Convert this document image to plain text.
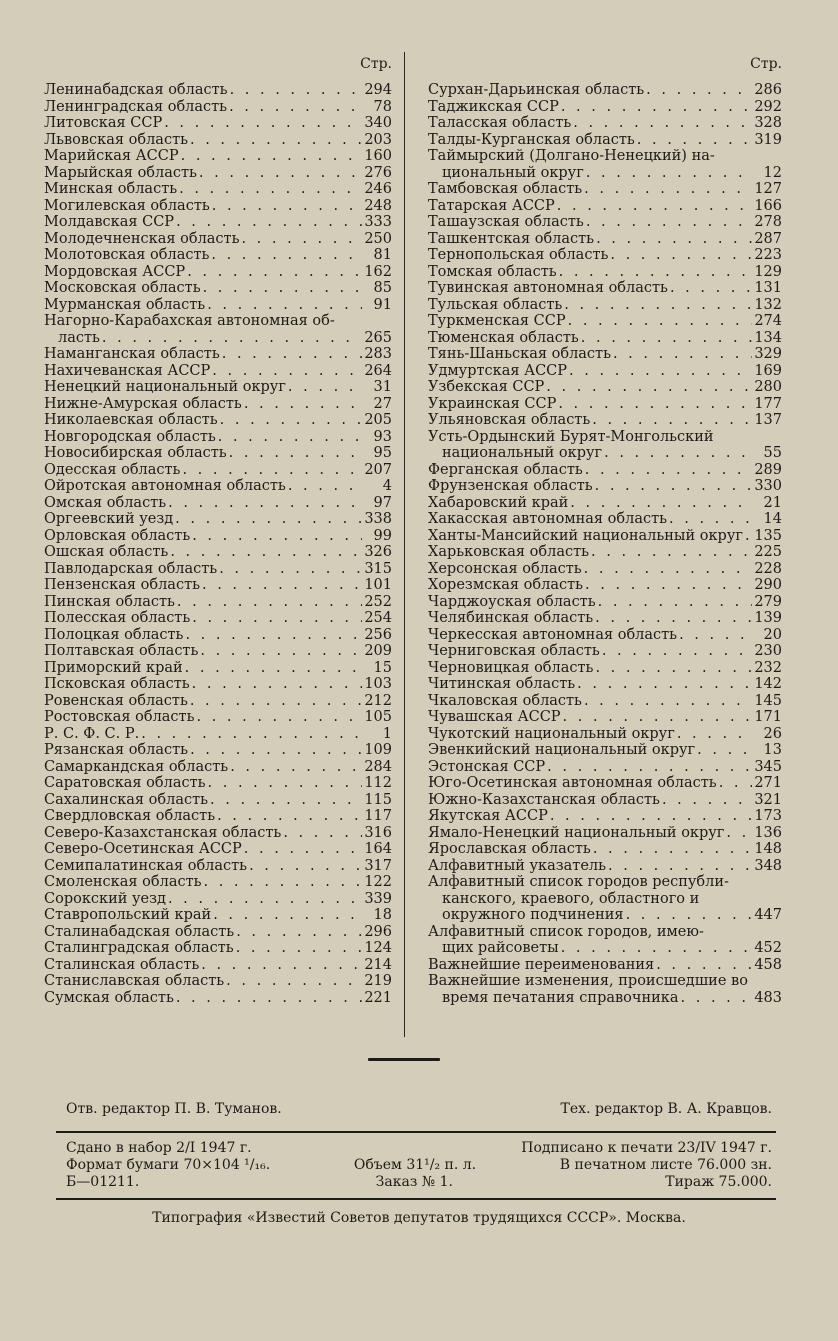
Стр.
Ленинабадская область . . .	294
Ленинградская область . . .	78
Литовская ССР . . .	340
Львовская область . . .	203
Марийская АССР . . .	160
Марыйская область . . .	276
Минская область . . .	246
Могилевская область . . .	248
Молдавская ССР . . .	333
Молодечненская область . . .	250
Молотовская область . . .	81
Мордовская АССР . . .	162
Московская область . . .	85
Мурманская область . . .	91
Нагорно-Карабахская автономная об-
ласть . . .	265
Наманганская область . . .	283
Нахичеванская АССР . . .	264
Ненецкий национальный округ . . .	31
Нижне-Амурская область . . .	27
Николаевская область . . .	205
Новгородская область . . .	93
Новосибирская область . . .	95
Одесская область . . .	207
Ойротская автономная область . . .	4
Омская область . . .	97
Оргеевский уезд . . .	338
Орловская область . . .	99
Ошская область . . .	326
Павлодарская область . . .	315
Пензенская область . . .	101
Пинская область . . .	252
Полесская область . . .	254
Полоцкая область . . .	256
Полтавская область . . .	209
Приморский край . . .	15
Псковская область . . .	103
Ровенская область . . .	212
Ростовская область . . .	105
Р. С. Ф. С. Р. . . .	1
Рязанская область . . .	109
Самаркандская область . . .	284
Саратовская область . . .	112
Сахалинская область . . .	115
Свердловская область . . .	117
Северо-Казахстанская область . . .	316
Северо-Осетинская АССР . . .	164
Семипалатинская область . . .	317
Смоленская область . . .	122
Сорокский уезд . . .	339
Ставропольский край . . .	18
Сталинабадская область . . .	296
Сталинградская область . . .	124
Сталинская область . . .	214
Станиславская область . . .	219
Сумская область . . .	221
Стр.
Сурхан-Дарьинская область . . .	286
Таджикская ССР . . .	292
Таласская область . . .	328
Талды-Курганская область . . .	319
Таймырский (Долгано-Ненецкий) на-
циональный округ . . .	12
Тамбовская область . . .	127
Татарская АССР . . .	166
Ташаузская область . . .	278
Ташкентская область . . .	287
Тернопольская область . . .	223
Томская область . . .	129
Тувинская автономная область . . .	131
Тульская область . . .	132
Туркменская ССР . . .	274
Тюменская область . . .	134
Тянь-Шаньская область . . .	329
Удмуртская АССР . . .	169
Узбекская ССР . . .	280
Украинская ССР . . .	177
Ульяновская область . . .	137
Усть-Ордынский Бурят-Монгольский
национальный округ . . .	55
Ферганская область . . .	289
Фрунзенская область . . .	330
Хабаровский край . . .	21
Хакасская автономная область . . .	14
Ханты-Мансийский национальный округ . . . 135
Харьковская область . . .	225
Херсонская область . . .	228
Хорезмская область . . .	290
Чарджоуская область . . .	279
Челябинская область . . .	139
Черкесская автономная область . . .	20
Черниговская область . . .	230
Черновицкая область . . .	232
Читинская область . . .	142
Чкаловская область . . .	145
Чувашская АССР . . .	171
Чукотский национальный округ . . .	26
Эвенкийский национальный округ . . .	13
Эстонская ССР . . .	345
Юго-Осетинская автономная область . . .	271
Южно-Казахстанская область . . .	321
Якутская АССР . . .	173
Ямало-Ненецкий национальный округ . . . 136
Ярославская область . . .	148
Алфавитный указатель . . .	348
Алфавитный список городов республи-
канского, краевого, областного и
окружного подчинения . . .	447
Алфавитный список городов, имею-
щих райсоветы . . .	452
Важнейшие переименования . . .	458
Важнейшие изменения, происшедшие во
время печатания справочника . . .	483
Отв. редактор П. В. Туманов.	Тех. редактор В. А. Кравцов.
Сдано в набор 2/I 1947 г.	Подписано к печати 23/IV 1947 г.
Формат бумаги 70×104 ¹/₁₆.	Объем 31¹/₂ п. л.	В печатном листе 76.000 зн.
Б—01211.	Заказ № 1.	Тираж 75.000.
Типография «Известий Советов депутатов трудящихся СССР». Москва.
